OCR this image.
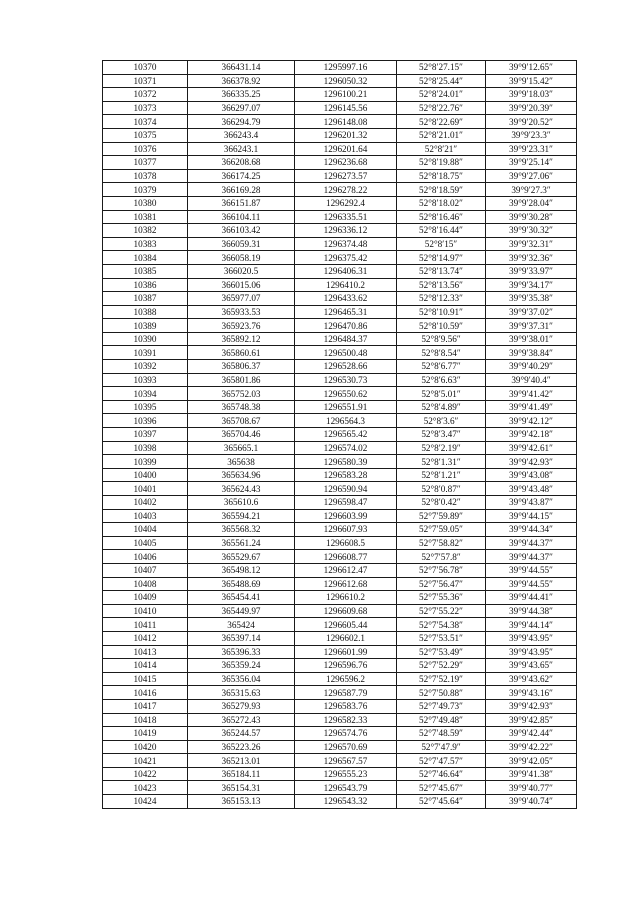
10370	366431.14	1295997.16	52°8′27.15″	39°9′12.65″
10371	366378.92	1296050.32	52°8′25.44″	39°9′15.42″
10372	366335.25	1296100.21	52°8′24.01″	39°9′18.03″
10373	366297.07	1296145.56	52°8′22.76″	39°9′20.39″
10374	366294.79	1296148.08	52°8′22.69″	39°9′20.52″
10375	366243.4	1296201.32	52°8′21.01″	39°9′23.3″
10376	366243.1	1296201.64	52°8′21″	39°9′23.31″
10377	366208.68	1296236.68	52°8′19.88″	39°9′25.14″
10378	366174.25	1296273.57	52°8′18.75″	39°9′27.06″
10379	366169.28	1296278.22	52°8′18.59″	39°9′27.3″
10380	366151.87	1296292.4	52°8′18.02″	39°9′28.04″
10381	366104.11	1296335.51	52°8′16.46″	39°9′30.28″
10382	366103.42	1296336.12	52°8′16.44″	39°9′30.32″
10383	366059.31	1296374.48	52°8′15″	39°9′32.31″
10384	366058.19	1296375.42	52°8′14.97″	39°9′32.36″
10385	366020.5	1296406.31	52°8′13.74″	39°9′33.97″
10386	366015.06	1296410.2	52°8′13.56″	39°9′34.17″
10387	365977.07	1296433.62	52°8′12.33″	39°9′35.38″
10388	365933.53	1296465.31	52°8′10.91″	39°9′37.02″
10389	365923.76	1296470.86	52°8′10.59″	39°9′37.31″
10390	365892.12	1296484.37	52°8′9.56″	39°9′38.01″
10391	365860.61	1296500.48	52°8′8.54″	39°9′38.84″
10392	365806.37	1296528.66	52°8′6.77″	39°9′40.29″
10393	365801.86	1296530.73	52°8′6.63″	39°9′40.4″
10394	365752.03	1296550.62	52°8′5.01″	39°9′41.42″
10395	365748.38	1296551.91	52°8′4.89″	39°9′41.49″
10396	365708.67	1296564.3	52°8′3.6″	39°9′42.12″
10397	365704.46	1296565.42	52°8′3.47″	39°9′42.18″
10398	365665.1	1296574.02	52°8′2.19″	39°9′42.61″
10399	365638	1296580.39	52°8′1.31″	39°9′42.93″
10400	365634.96	1296583.28	52°8′1.21″	39°9′43.08″
10401	365624.43	1296590.94	52°8′0.87″	39°9′43.48″
10402	365610.6	1296598.47	52°8′0.42″	39°9′43.87″
10403	365594.21	1296603.99	52°7′59.89″	39°9′44.15″
10404	365568.32	1296607.93	52°7′59.05″	39°9′44.34″
10405	365561.24	1296608.5	52°7′58.82″	39°9′44.37″
10406	365529.67	1296608.77	52°7′57.8″	39°9′44.37″
10407	365498.12	1296612.47	52°7′56.78″	39°9′44.55″
10408	365488.69	1296612.68	52°7′56.47″	39°9′44.55″
10409	365454.41	1296610.2	52°7′55.36″	39°9′44.41″
10410	365449.97	1296609.68	52°7′55.22″	39°9′44.38″
10411	365424	1296605.44	52°7′54.38″	39°9′44.14″
10412	365397.14	1296602.1	52°7′53.51″	39°9′43.95″
10413	365396.33	1296601.99	52°7′53.49″	39°9′43.95″
10414	365359.24	1296596.76	52°7′52.29″	39°9′43.65″
10415	365356.04	1296596.2	52°7′52.19″	39°9′43.62″
10416	365315.63	1296587.79	52°7′50.88″	39°9′43.16″
10417	365279.93	1296583.76	52°7′49.73″	39°9′42.93″
10418	365272.43	1296582.33	52°7′49.48″	39°9′42.85″
10419	365244.57	1296574.76	52°7′48.59″	39°9′42.44″
10420	365223.26	1296570.69	52°7′47.9″	39°9′42.22″
10421	365213.01	1296567.57	52°7′47.57″	39°9′42.05″
10422	365184.11	1296555.23	52°7′46.64″	39°9′41.38″
10423	365154.31	1296543.79	52°7′45.67″	39°9′40.77″
10424	365153.13	1296543.32	52°7′45.64″	39°9′40.74″
